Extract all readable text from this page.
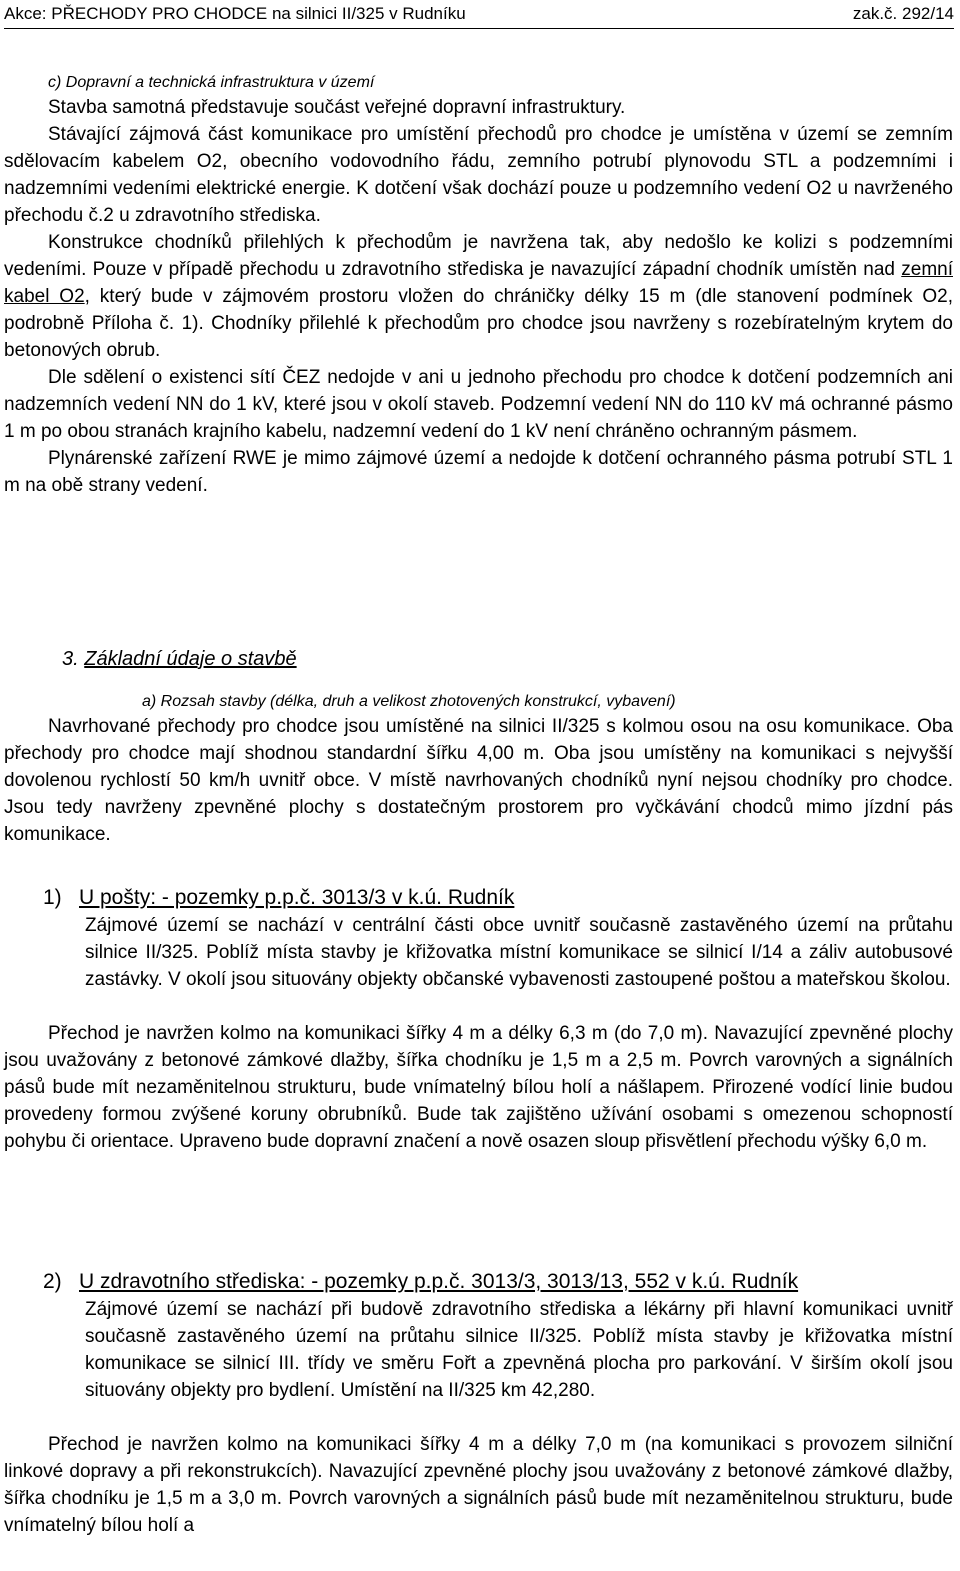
Akce: PŘECHODY PRO CHODCE na silnici II/325 v Rudníku	zak.č. 292/14

c) Dopravní a technická infrastruktura v území

Stavba samotná představuje součást veřejné dopravní infrastruktury.

Stávající zájmová část komunikace pro umístění přechodů pro chodce je umístěna v území se zemním sdělovacím kabelem O2, obecního vodovodního řádu, zemního potrubí plynovodu STL a podzemními i nadzemními vedeními elektrické energie. K dotčení však dochází pouze u podzemního vedení O2 u navrženého přechodu č.2 u zdravotního střediska.

Konstrukce chodníků přilehlých k přechodům je navržena tak, aby nedošlo ke kolizi s podzemními vedeními. Pouze v případě přechodu u zdravotního střediska je navazující západní chodník umístěn nad zemní kabel O2, který bude v zájmovém prostoru vložen do chráničky délky 15 m (dle stanovení podmínek O2, podrobně Příloha č. 1). Chodníky přilehlé k přechodům pro chodce jsou navrženy s rozebíratelným krytem do betonových obrub.

Dle sdělení o existenci sítí ČEZ nedojde v ani u jednoho přechodu pro chodce k dotčení podzemních ani nadzemních vedení NN do 1 kV, které jsou v okolí staveb. Podzemní vedení NN do 110 kV má ochranné pásmo 1 m po obou stranách krajního kabelu, nadzemní vedení do 1 kV není chráněno ochranným pásmem.

Plynárenské zařízení RWE je mimo zájmové území a nedojde k dotčení ochranného pásma potrubí STL 1 m na obě strany vedení.

3. Základní údaje o stavbě

a) Rozsah stavby (délka, druh a velikost zhotovených konstrukcí, vybavení)

Navrhované přechody pro chodce jsou umístěné na silnici II/325 s kolmou osou na osu komunikace. Oba přechody pro chodce mají shodnou standardní šířku 4,00 m. Oba jsou umístěny na komunikaci s nejvyšší dovolenou rychlostí 50 km/h uvnitř obce. V místě navrhovaných chodníků nyní nejsou chodníky pro chodce. Jsou tedy navrženy zpevněné plochy s dostatečným prostorem pro vyčkávání chodců mimo jízdní pás komunikace.

1) U pošty: - pozemky p.p.č. 3013/3 v k.ú. Rudník

Zájmové území se nachází v centrální části obce uvnitř současně zastavěného území na průtahu silnice II/325. Poblíž místa stavby je křižovatka místní komunikace se silnicí I/14 a záliv autobusové zastávky. V okolí jsou situovány objekty občanské vybavenosti zastoupené poštou a mateřskou školou.

Přechod je navržen kolmo na komunikaci šířky 4 m a délky 6,3 m (do 7,0 m). Navazující zpevněné plochy jsou uvažovány z betonové zámkové dlažby, šířka chodníku je 1,5 m a 2,5 m. Povrch varovných a signálních pásů bude mít nezaměnitelnou strukturu, bude vnímatelný bílou holí a nášlapem. Přirozené vodící linie budou provedeny formou zvýšené koruny obrubníků. Bude tak zajištěno užívání osobami s omezenou schopností pohybu či orientace. Upraveno bude dopravní značení a nově osazen sloup přisvětlení přechodu výšky 6,0 m.

2) U zdravotního střediska: - pozemky p.p.č. 3013/3, 3013/13, 552 v k.ú. Rudník

Zájmové území se nachází při budově zdravotního střediska a lékárny při hlavní komunikaci uvnitř současně zastavěného území na průtahu silnice II/325. Poblíž místa stavby je křižovatka místní komunikace se silnicí III. třídy ve směru Fořt a zpevněná plocha pro parkování. V širším okolí jsou situovány objekty pro bydlení. Umístění na II/325 km 42,280.

Přechod je navržen kolmo na komunikaci šířky 4 m a délky 7,0 m (na komunikaci s provozem silniční linkové dopravy a při rekonstrukcích). Navazující zpevněné plochy jsou uvažovány z betonové zámkové dlažby, šířka chodníku je 1,5 m a 3,0 m. Povrch varovných a signálních pásů bude mít nezaměnitelnou strukturu, bude vnímatelný bílou holí a
